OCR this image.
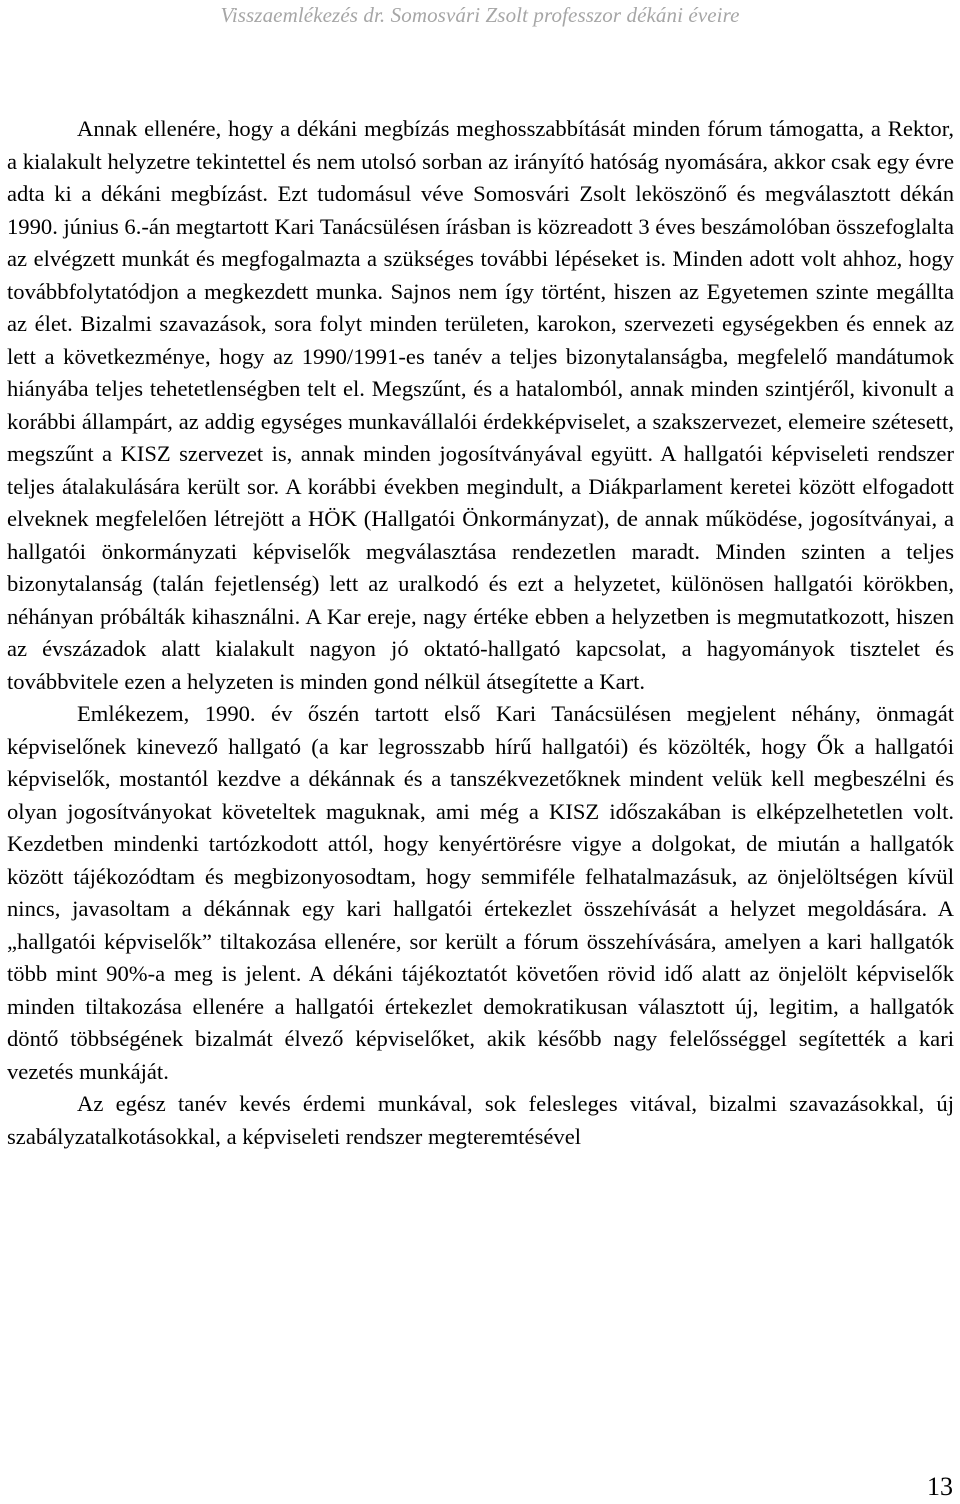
Visszaemlékezés dr. Somosvári Zsolt professzor dékáni éveire

Annak ellenére, hogy a dékáni megbízás meghosszabbítását minden fórum támogatta, a Rektor, a kialakult helyzetre tekintettel és nem utolsó sorban az irányító hatóság nyomására, akkor csak egy évre adta ki a dékáni megbízást. Ezt tudomásul véve Somosvári Zsolt leköszönő és megválasztott dékán 1990. június 6.-án megtartott Kari Tanácsülésen írásban is közreadott 3 éves beszámolóban összefoglalta az elvégzett munkát és megfogalmazta a szükséges további lépéseket is. Minden adott volt ahhoz, hogy továbbfolytatódjon a megkezdett munka. Sajnos nem így történt, hiszen az Egyetemen szinte megállta az élet. Bizalmi szavazások, sora folyt minden területen, karokon, szervezeti egységekben és ennek az lett a következménye, hogy az 1990/1991-es tanév a teljes bizonytalanságba, megfelelő mandátumok hiányába teljes tehetetlenségben telt el. Megszűnt, és a hatalomból, annak minden szintjéről, kivonult a korábbi állampárt, az addig egységes munkavállalói érdekképviselet, a szakszervezet, elemeire szétesett, megszűnt a KISZ szervezet is, annak minden jogosítványával együtt. A hallgatói képviseleti rendszer teljes átalakulására került sor. A korábbi években megindult, a Diákparlament keretei között elfogadott elveknek megfelelően létrejött a HÖK (Hallgatói Önkormányzat), de annak működése, jogosítványai, a hallgatói önkormányzati képviselők megválasztása rendezetlen maradt. Minden szinten a teljes bizonytalanság (talán fejetlenség) lett az uralkodó és ezt a helyzetet, különösen hallgatói körökben, néhányan próbálták kihasználni. A Kar ereje, nagy értéke ebben a helyzetben is megmutatkozott, hiszen az évszázadok alatt kialakult nagyon jó oktató-hallgató kapcsolat, a hagyományok tisztelet és továbbvitele ezen a helyzeten is minden gond nélkül átsegítette a Kart.

Emlékezem, 1990. év őszén tartott első Kari Tanácsülésen megjelent néhány, önmagát képviselőnek kinevező hallgató (a kar legrosszabb hírű hallgatói) és közölték, hogy Ők a hallgatói képviselők, mostantól kezdve a dékánnak és a tanszékvezetőknek mindent velük kell megbeszélni és olyan jogosítványokat követeltek maguknak, ami még a KISZ időszakában is elképzelhetetlen volt. Kezdetben mindenki tartózkodott attól, hogy kenyértörésre vigye a dolgokat, de miután a hallgatók között tájékozódtam és megbizonyosodtam, hogy semmiféle felhatalmazásuk, az önjelöltségen kívül nincs, javasoltam a dékánnak egy kari hallgatói értekezlet összehívását a helyzet megoldására. A „hallgatói képviselők” tiltakozása ellenére, sor került a fórum összehívására, amelyen a kari hallgatók több mint 90%-a meg is jelent. A dékáni tájékoztatót követően rövid idő alatt az önjelölt képviselők minden tiltakozása ellenére a hallgatói értekezlet demokratikusan választott új, legitim, a hallgatók döntő többségének bizalmát élvező képviselőket, akik később nagy felelősséggel segítették a kari vezetés munkáját.

Az egész tanév kevés érdemi munkával, sok felesleges vitával, bizalmi szavazásokkal, új szabályzatalkotásokkal, a képviseleti rendszer megteremtésével

13
